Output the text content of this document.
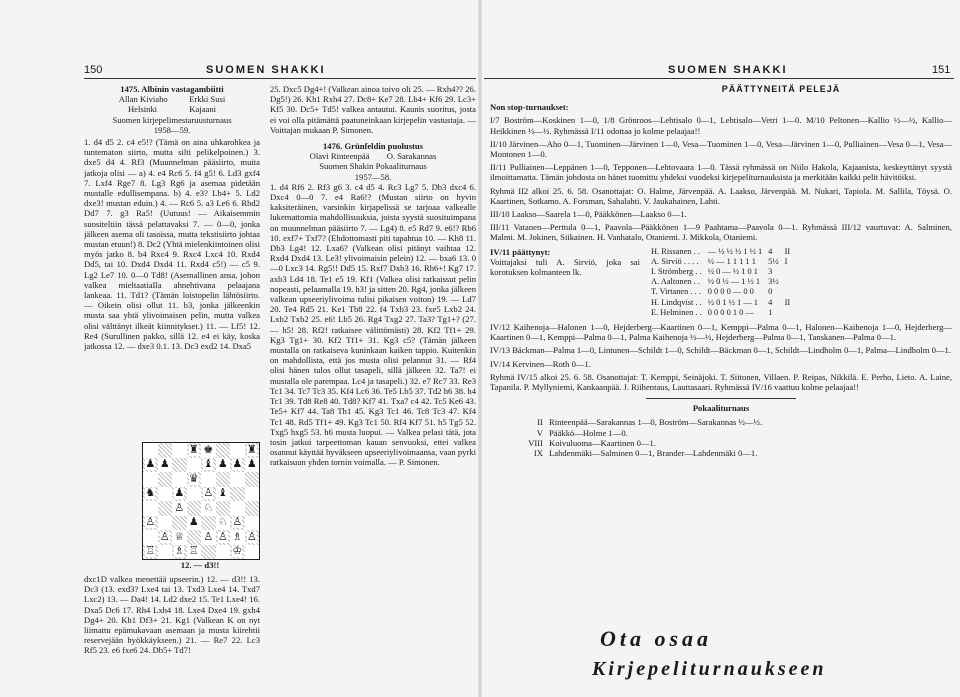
150	SUOMEN SHAKKI

1475. Albinin vastagambiitti

Allan Kiviaho          Erkki Susi

Helsinki               Kajaani

Suomen kirjepelimestaruusturnaus

1958—59.

1. d4 d5 2. c4 e5!? (Tämä on aina uhkarohkea ja tuntematon siirto, mutta silti pelikelpoinen.) 3. dxe5 d4 4. Rf3 (Muunnelman pääsiirto, muita jatkoja olisi — a) 4. e4 Rc6 5. f4 g5! 6. Ld3 gxf4 7. Lxf4 Rge7 8. Lg3 Rg6 ja asemaa pidetään mustalle edullisempana. b) 4. e3? Lb4+ 5. Ld2 dxe3! mustan eduin.) 4. — Rc6 5. a3 Le6 6. Rbd2 Dd7 7. g3 Ra5! (Uutuus! — Aikaisemmin suositeltiin tässä pelattavaksi 7. — 0—0, jonka jälkeen asema oli tasoissa, mutta tekstisiirto johtaa mustan etuun!) 8. Dc2 (Yhtä mielenkiintoinen olisi myös jatko 8. b4 Rxc4 9. Rxc4 Lxc4 10. Rxd4 Dd5, tai 10. Dxd4 Dxd4 11. Rxd4 c5!) — c5 9. Lg2 Le7 10. 0—0 Td8! (Asemallinen ansa, johon valkea mieltaatiaIla ahnehtivana pelaajana lankeaa. 11. Td1? (Tämän loistopelin lähtösiirto. — Oikein olisi ollut 11. b3, jonka jälkeenkin musta saa yhtä ylivoimaisen pelin, mutta valkea olisi välttänyt ilkeät kiinnitykset.) 11. — Lf5! 12. Re4 (Surullinen pakko, sillä 12. e4 ei käy, koska jatkossa 12. — dxe3 0.1. 13. Dc3 exd2 14. Dxa5

♜ ♚	♜
♟ ♟	♝ ♟ ♟ ♟
♛
♞ ♟ ♙ ♝
♙ ♘
♙	♟ ♘ ♙
♙ ♕ ♙ ♙ ♗ ♙
♖ ♗ ♖	♔
12. — d3!!
dxc1D valkea menettää upseerin.) 12. — d3!! 13. Dc3 (13. exd3? Lxe4 tai 13. Txd3 Lxe4 14. Txd7 Lxc2) 13. — Da4! 14. Ld2 dxe2 15. Te1 Lxe4! 16. Dxa5 Dc6 17. Rh4 Lxh4 18. Lxe4 Dxe4 19. gxh4 Dg4+ 20. Kh1 Df3+ 21. Kg1 (Valkean K on nyt liimattu epämukavaan asemaan ja musta kiirehtii reservejään hyökkäykseen.) 21. — Re7 22. Lc3 Rf5 23. e6 fxe6 24. Db5+ Td7!

25. Dxc5 Dg4+! (Valkean ainoa toivo oli 25. — Rxh4?? 26. Dg5!) 26. Kh1 Rxh4 27. Dc8+ Ke7 28. Lb4+ Kf6 29. Lc3+ Kf5 30. Dc5+ Td5! valkea antautui. Kaunis suoritus, josta ei voi olla pitämättä paatuneinkaan kirjepelin vastustaja. — Voittajan mukaan P. Simonen.

1476. Grünfeldin puolustus

Olavi Rinteenpää        O. Sarakannas

Suomen Shakin Pokaaliturnaus

1957—58.

1. d4 Rf6 2. Rf3 g6 3. c4 d5 4. Rc3 Lg7 5. Db3 dxc4 6. Dxc4 0—0 7. e4 Ra6!? (Mustan siirto on hyvin kaksiteräinen, varsinkin kirjapelissä se tarjoaa valkealle lukemattomia mahdollisuuksia, joista syystä suosituimpana on muunnelman pääsiirto 7. — Lg4) 8. e5 Rd7 9. e6!? Rb6 10. exf7+ Txf7? (Ehdottomasti piti tapahtua 10. — Kh8 11. Db3 Lg4! 12. Lxa6? (Valkean olisi pitänyt vaihtaa 12. Rxd4 Dxd4 13. Le3! ylivoimaisin pelein) 12. — bxa6 13. 0—0 Lxc3 14. Rg5!! Dd5 15. Rxf7 Dxb3 16. Rh6+! Kg7 17. axb3 Ld4 18. Te1 e5 19. Kf1 (Valkea olisi ratkaissut pelin nopeasti, pelaamalla 19. h3! ja sitten 20. Rg4, jonka jälkeen valkean upseeriylivoima tulisi pikaisen voiton) 19. — Ld7 20. Te4 Rd5 21. Ke1 Tb8 22. f4 Txb3 23. fxe5 Lxb2 24. Lxb2 Txb2 25. e6! Lb5 26. Rg4 Txg2 27. Ta3? Tg1+? (27. — h5! 28. Rf2! ratkaisee välittömästi) 28. Kf2 Tf1+ 29. Kg3 Tg1+ 30. Kf2 Tf1+ 31. Kg3 c5? (Tämän jälkeen mustalla on ratkaiseva kuninkaan kaiken tappio. Kuitenkin on mahdollista, että jos musta olisi pelannut 31. — Rf4 olisi hänen tulos ollut tasapeli, sillä jälkeen 32. Ta7! ei mustalla ole parempaa. Lc4 ja tasapeli.) 32. e7 Rc7 33. Re3 Tc1 34. Tc7 Tc3 35. Kf4 Lc6 36. Te5 Lb5 37. Td2 h6 38. h4 Tc1 39. Td8 Re8 40. Td8? Kf7 41. Txa7 c4 42. Tc5 Ke6 43. Te5+ Kf7 44. Ta8 Th1 45. Kg3 Tc1 46. Tc8 Tc3 47. Kf4 Tc1 48. Rd5 Tf1+ 49. Kg3 Tc1 50. Rf4 Kf7 51. h5 Tg5 52. Txg5 hxg5 53. h6 musta luopui. — Valkea pelasi tätä, jota tosin jatkui tarpeettoman kauan senvuoksi, ettei valkea osannut käyttää hyväkseen upseeriylivoimaansa, vaan pyrki ratkaisuun yhden tornin voimalla. — P. Simonen.

SUOMEN SHAKKI	151

PÄÄTTYNEITÄ PELEJÄ

Non stop-turnaukset:

I/7 Boström—Koskinen 1—0, 1/8 Grönroos—Lehtisalo 0—1, Lehtisalo—Vetri 1—0. M/10 Peltonen—Kallio ½—½, Kallio—Heikkinen ½—½. Ryhmässä I/11 odottaa jo kolme pelaajaa!!

II/10 Järvinen—Aho 0—1, Tuominen—Järvinen 1—0, Vesa—Tuominen 1—0, Vesa—Järvinen 1—0, Pulliainen—Vesa 0—1, Vesa—Montonen 1—0.

II/11 Pulliainen—Leppänen 1—0, Tepponen—Lehtovaara 1—0. Tässä ryhmässä on Niilo Hakola, Kajaanista, keskeyttänyt syystä ilmoittamatta. Tämän johdosta on hänet tuomittu yhdeksi vuodeksi kirjepeliturnauksista ja merkitään kaikki pelit hävitöiksi.

Ryhmä II2 alkoi 25. 6. 58. Osanottajat: O. Halme, Järvenpää. A. Laakso, Järvenpää. M. Nukari, Tapiola. M. Sallila, Töysä. O. Kaartinen, Sotkamo. A. Forsman, Sahalahti. V. Jaukahainen, Lahti.

III/10 Laakso—Saarela 1—0, Pääkkönen—Laakso 0—1.

III/11 Vatanen—Perttula 0—1, Paavola—Pääkkönen 1—9 Paahtama—Paavola 0—1. Ryhmässä III/12 vaurtuvat: A. Salminen, Malmi. M. Jokinen, Siikainen. H. Vanhatalo, Otaniemi. J. Mikkola, Otaniemi.

IV/11 päättynyt:

Voittajaksi tuli A. Sirviö, joka sai korotuksen kolmanteen lk.

H. Rissanen . .	— ½ ½ ½ 1 ½ 1	4	II
A. Sirviö . . . .	½ — 1 1 1 1 1	5½	I
I. Strömberg . .	½ 0 — ½ 1 0 1	3	
A. Aaltonen . .	½ 0 ½ — 1 ½ 1	3½	
T. Virtanen . . .	0 0 0 0 — 0 0	0	
H. Lindqvist . .	½ 0 1 ½ 1 — 1	4	II
E. Helminen . .	0 0 0 0 1 0 —	1	

IV/12 Kaihenoja—Halonen 1—0, Hejderberg—Kaartinen 0—1, Kemppi—Palma 0—1, Halonen—Kaihenoja 1—0, Hejderberg—Kaartinen 0—1, Kemppi—Palma 0—1, Palma Kaihenoja ½—½, Hejderberg—Palma 0—1, Tanskanen—Palma 0—1.

IV/13 Bäckman—Palma 1—0, Lintunen—Schildt 1—0, Schildt—Bäckman 0—1, Schildt—Lindholm 0—1, Palma—Lindholm 0—1.

IV/14 Kervinen—Roth 0—1.

Ryhmä IV/15 alkoi 25. 6. 58. Osanottajat: T. Kemppi, Seinäjoki. T. Siitonen, Villaen. P. Reipas, Nikkilä. E. Perho, Lieto. A. Laine, Tapanila. P. Myllyniemi, Kankaanpää. J. Riihentaus, Lauttasaari. Ryhmässä IV/16 vaattuu kolme pelaajaa!!

Pokaaliturnaus

II	Rinteenpää—Sarakannas 1—0, Boström—Sarakannas ½—½.
V	Pääkkö—Holme 1—0.
VIII	Koivuluoma—Kaartinen 0—1.
IX	Lahdenmäki—Salminen 0—1, Brander—Lahdenmäki 0—1.
Ota osaa
Kirjepeliturnaukseen
